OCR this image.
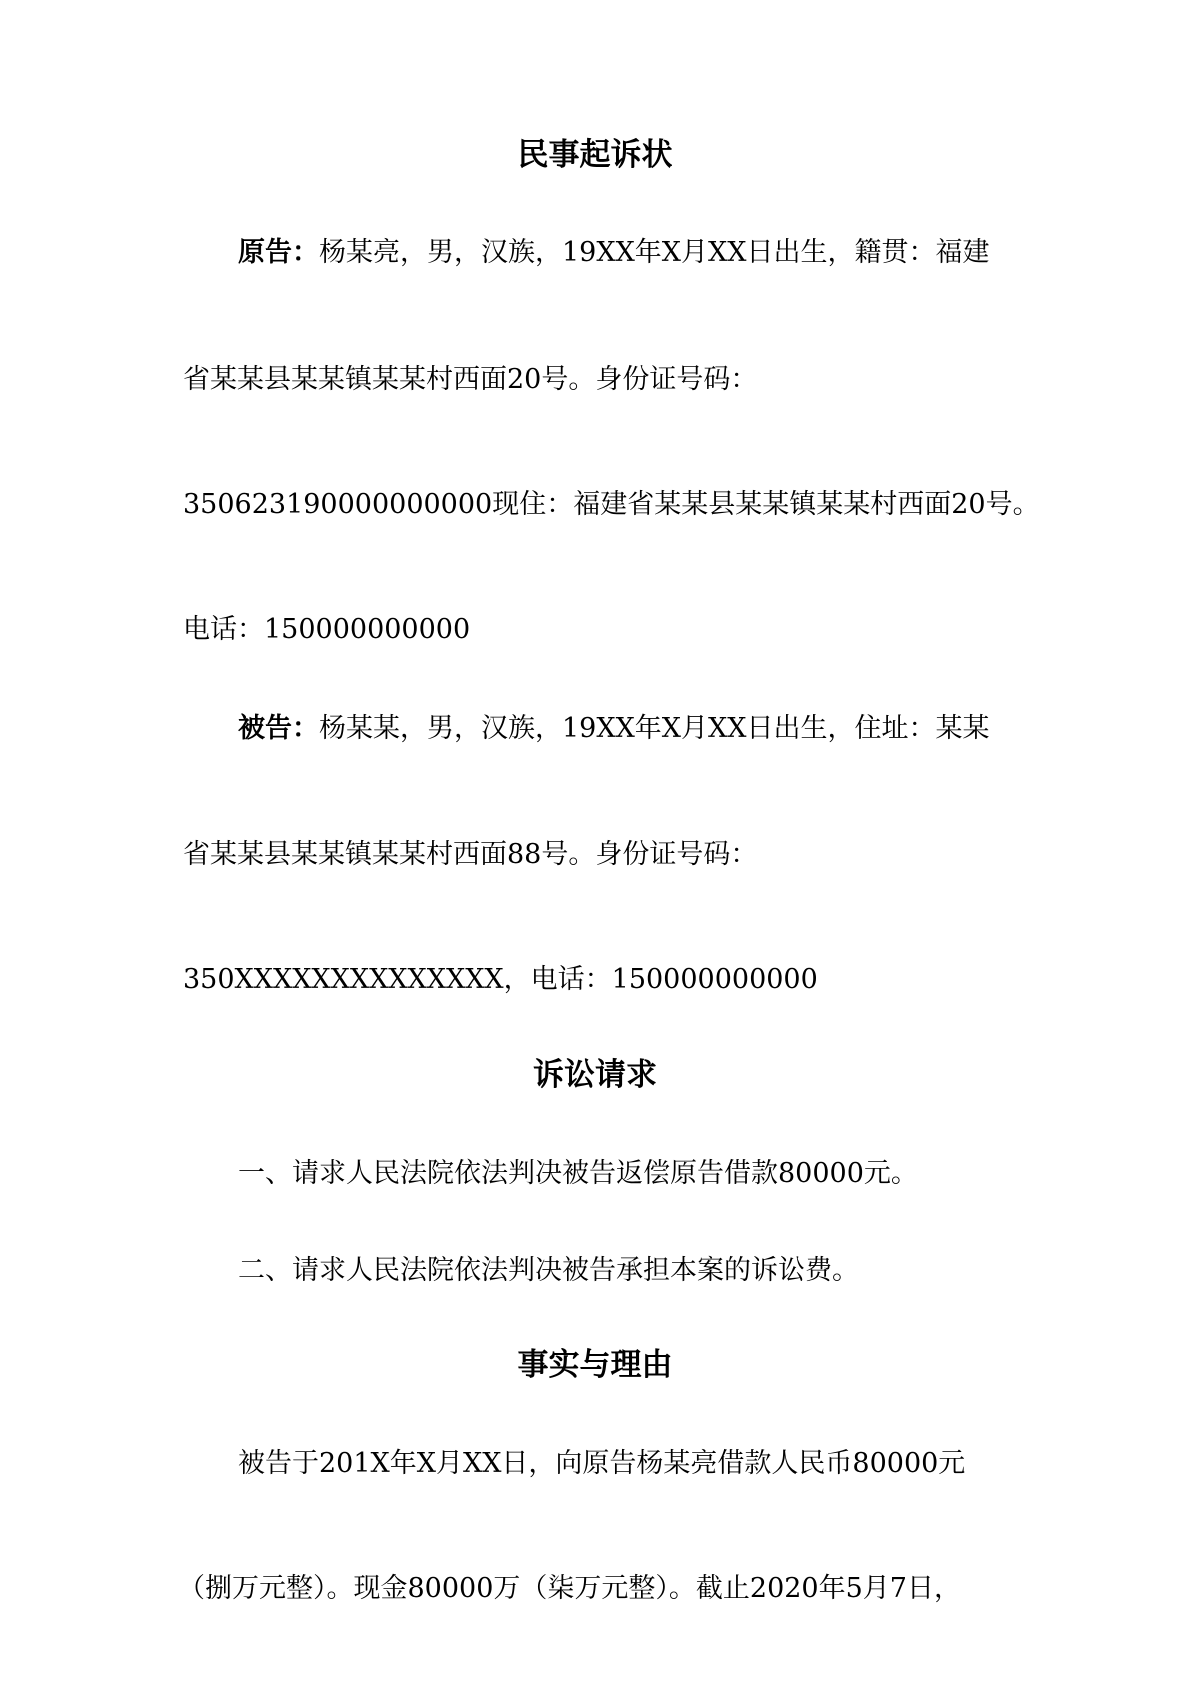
民事起诉状

原告：杨某亮，男，汉族，19XX年X月XX日出生，籍贯：福建

省某某县某某镇某某村西面20号。身份证号码：

350623190000000000现住：福建省某某县某某镇某某村西面20号。

电话：150000000000

被告：杨某某，男，汉族，19XX年X月XX日出生，住址：某某

省某某县某某镇某某村西面88号。身份证号码：

350XXXXXXXXXXXXXX，电话：150000000000

诉讼请求

一、请求人民法院依法判决被告返偿原告借款80000元。

二、请求人民法院依法判决被告承担本案的诉讼费。

事实与理由

被告于201X年X月XX日，向原告杨某亮借款人民币80000元

（捌万元整）。现金80000万（柒万元整）。截止2020年5月7日，
